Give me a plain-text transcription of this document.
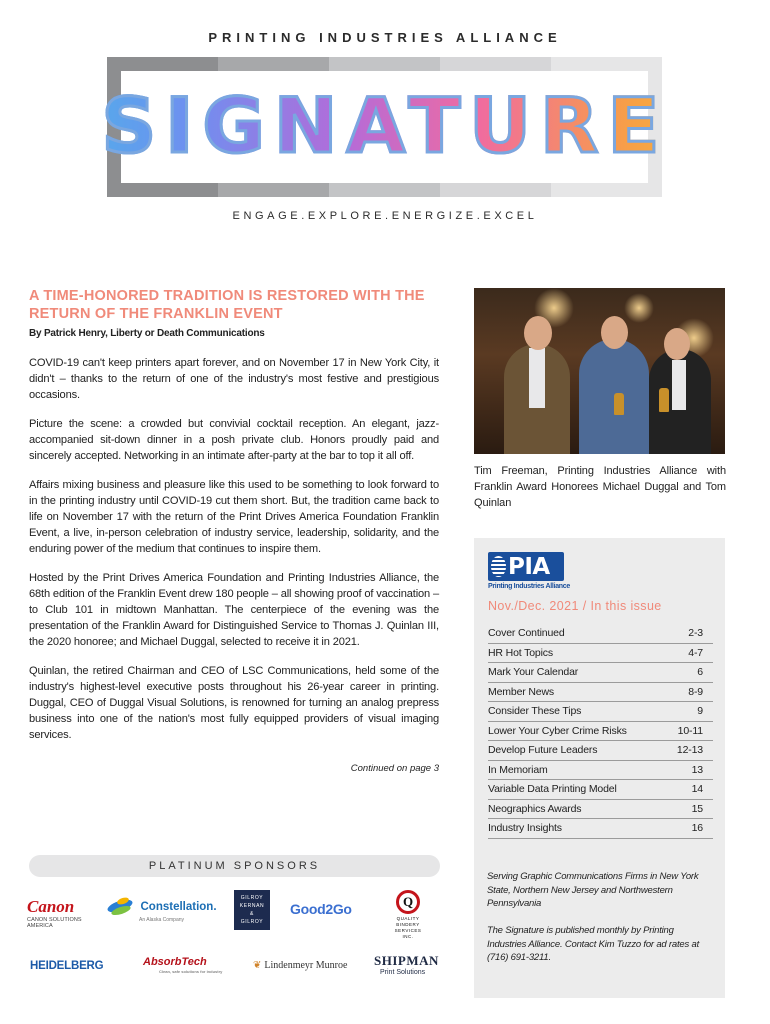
PRINTING INDUSTRIES ALLIANCE
SIGNATURE
ENGAGE.EXPLORE.ENERGIZE.EXCEL
A TIME-HONORED TRADITION IS RESTORED WITH THE RETURN OF THE FRANKLIN EVENT
By Patrick Henry, Liberty or Death Communications

COVID-19 can't keep printers apart forever, and on November 17 in New York City, it didn't – thanks to the return of one of the industry's most festive and prestigious occasions.

Picture the scene: a crowded but convivial cocktail reception. An elegant, jazz-accompanied sit-down dinner in a posh private club. Honors proudly paid and sincerely accepted. Networking in an intimate after-party at the bar to top it all off.

Affairs mixing business and pleasure like this used to be something to look forward to in the printing industry until COVID-19 cut them short. But, the tradition came back to life on November 17 with the return of the Print Drives America Foundation Franklin Event, a live, in-person celebration of industry service, leadership, solidarity, and the enduring power of the medium that continues to inspire them.

Hosted by the Print Drives America Foundation and Printing Industries Alliance, the 68th edition of the Franklin Event drew 180 people – all showing proof of vaccination – to Club 101 in midtown Manhattan. The centerpiece of the evening was the presentation of the Franklin Award for Distinguished Service to Thomas J. Quinlan III, the 2020 honoree; and Michael Duggal, selected to receive it in 2021.

Quinlan, the retired Chairman and CEO of LSC Communications, held some of the industry's highest-level executive posts throughout his 26-year career in printing. Duggal, CEO of Duggal Visual Solutions, is renowned for turning an analog prepress business into one of the nation's most fully equipped providers of visual imaging services.

Continued on page 3
Tim Freeman, Printing Industries Alliance with Franklin Award Honorees Michael Duggal and Tom Quinlan
PIA
Printing Industries Alliance
Nov./Dec. 2021 / In this issue
Cover Continued	2-3
HR Hot Topics	4-7
Mark Your Calendar	6
Member News	8-9
Consider These Tips	9
Lower Your Cyber Crime Risks	10-11
Develop Future Leaders	12-13
In Memoriam	13
Variable Data Printing Model	14
Neographics Awards	15
Industry Insights	16
Serving Graphic Communications Firms in New York State, Northern New Jersey and Northwestern Pennsylvania
The Signature is published monthly by Printing Industries Alliance. Contact Kim Tuzzo for ad rates at (716) 691-3211.
PLATINUM SPONSORS
Canon
CANON SOLUTIONS AMERICA
Constellation.
An Alaska Company
GILROY
KERNAN
&
GILROY
Good2Go	Q
QUALITY
BINDERY
SERVICES
INC.
HEIDELBERG	AbsorbTech
Clean, safe solutions for industry
❦ Lindenmeyr Munroe SHIPMAN
Print Solutions
